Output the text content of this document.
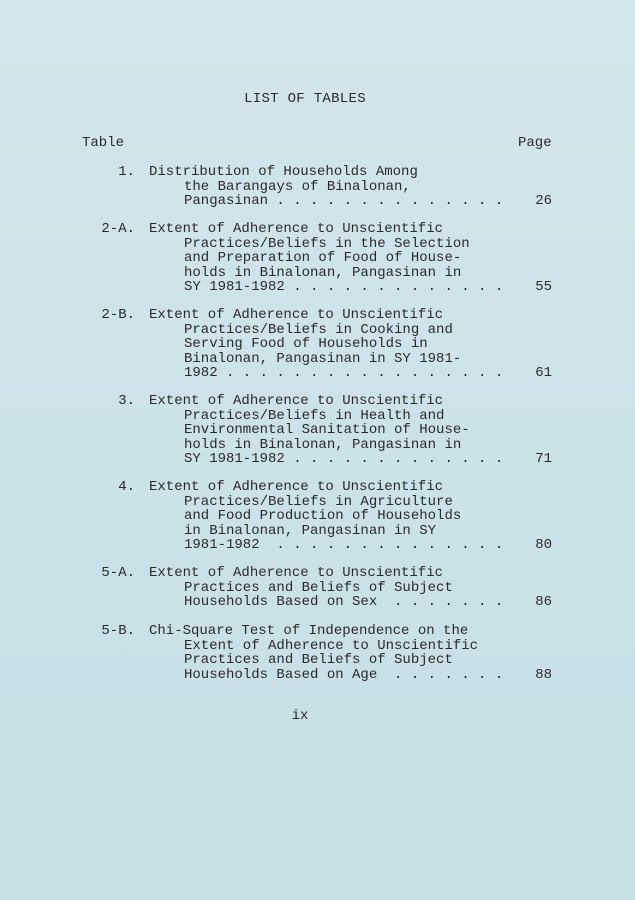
LIST OF TABLES
Table	Page
1. Distribution of Households Among
the Barangays of Binalonan,
Pangasinan . . . . . . . . . . . . . .	26
2-A. Extent of Adherence to Unscientific
Practices/Beliefs in the Selection
and Preparation of Food of House-
holds in Binalonan, Pangasinan in
SY 1981-1982 . . . . . . . . . . . . .	55
2-B. Extent of Adherence to Unscientific
Practices/Beliefs in Cooking and
Serving Food of Households in
Binalonan, Pangasinan in SY 1981-
1982 . . . . . . . . . . . . . . . . .	61
3. Extent of Adherence to Unscientific
Practices/Beliefs in Health and
Environmental Sanitation of House-
holds in Binalonan, Pangasinan in
SY 1981-1982 . . . . . . . . . . . . .	71
4. Extent of Adherence to Unscientific
Practices/Beliefs in Agriculture
and Food Production of Households
in Binalonan, Pangasinan in SY
1981-1982  . . . . . . . . . . . . . .	80
5-A. Extent of Adherence to Unscientific
Practices and Beliefs of Subject
Households Based on Sex  . . . . . . .	86
5-B. Chi-Square Test of Independence on the
Extent of Adherence to Unscientific
Practices and Beliefs of Subject
Households Based on Age  . . . . . . .	88
ix
